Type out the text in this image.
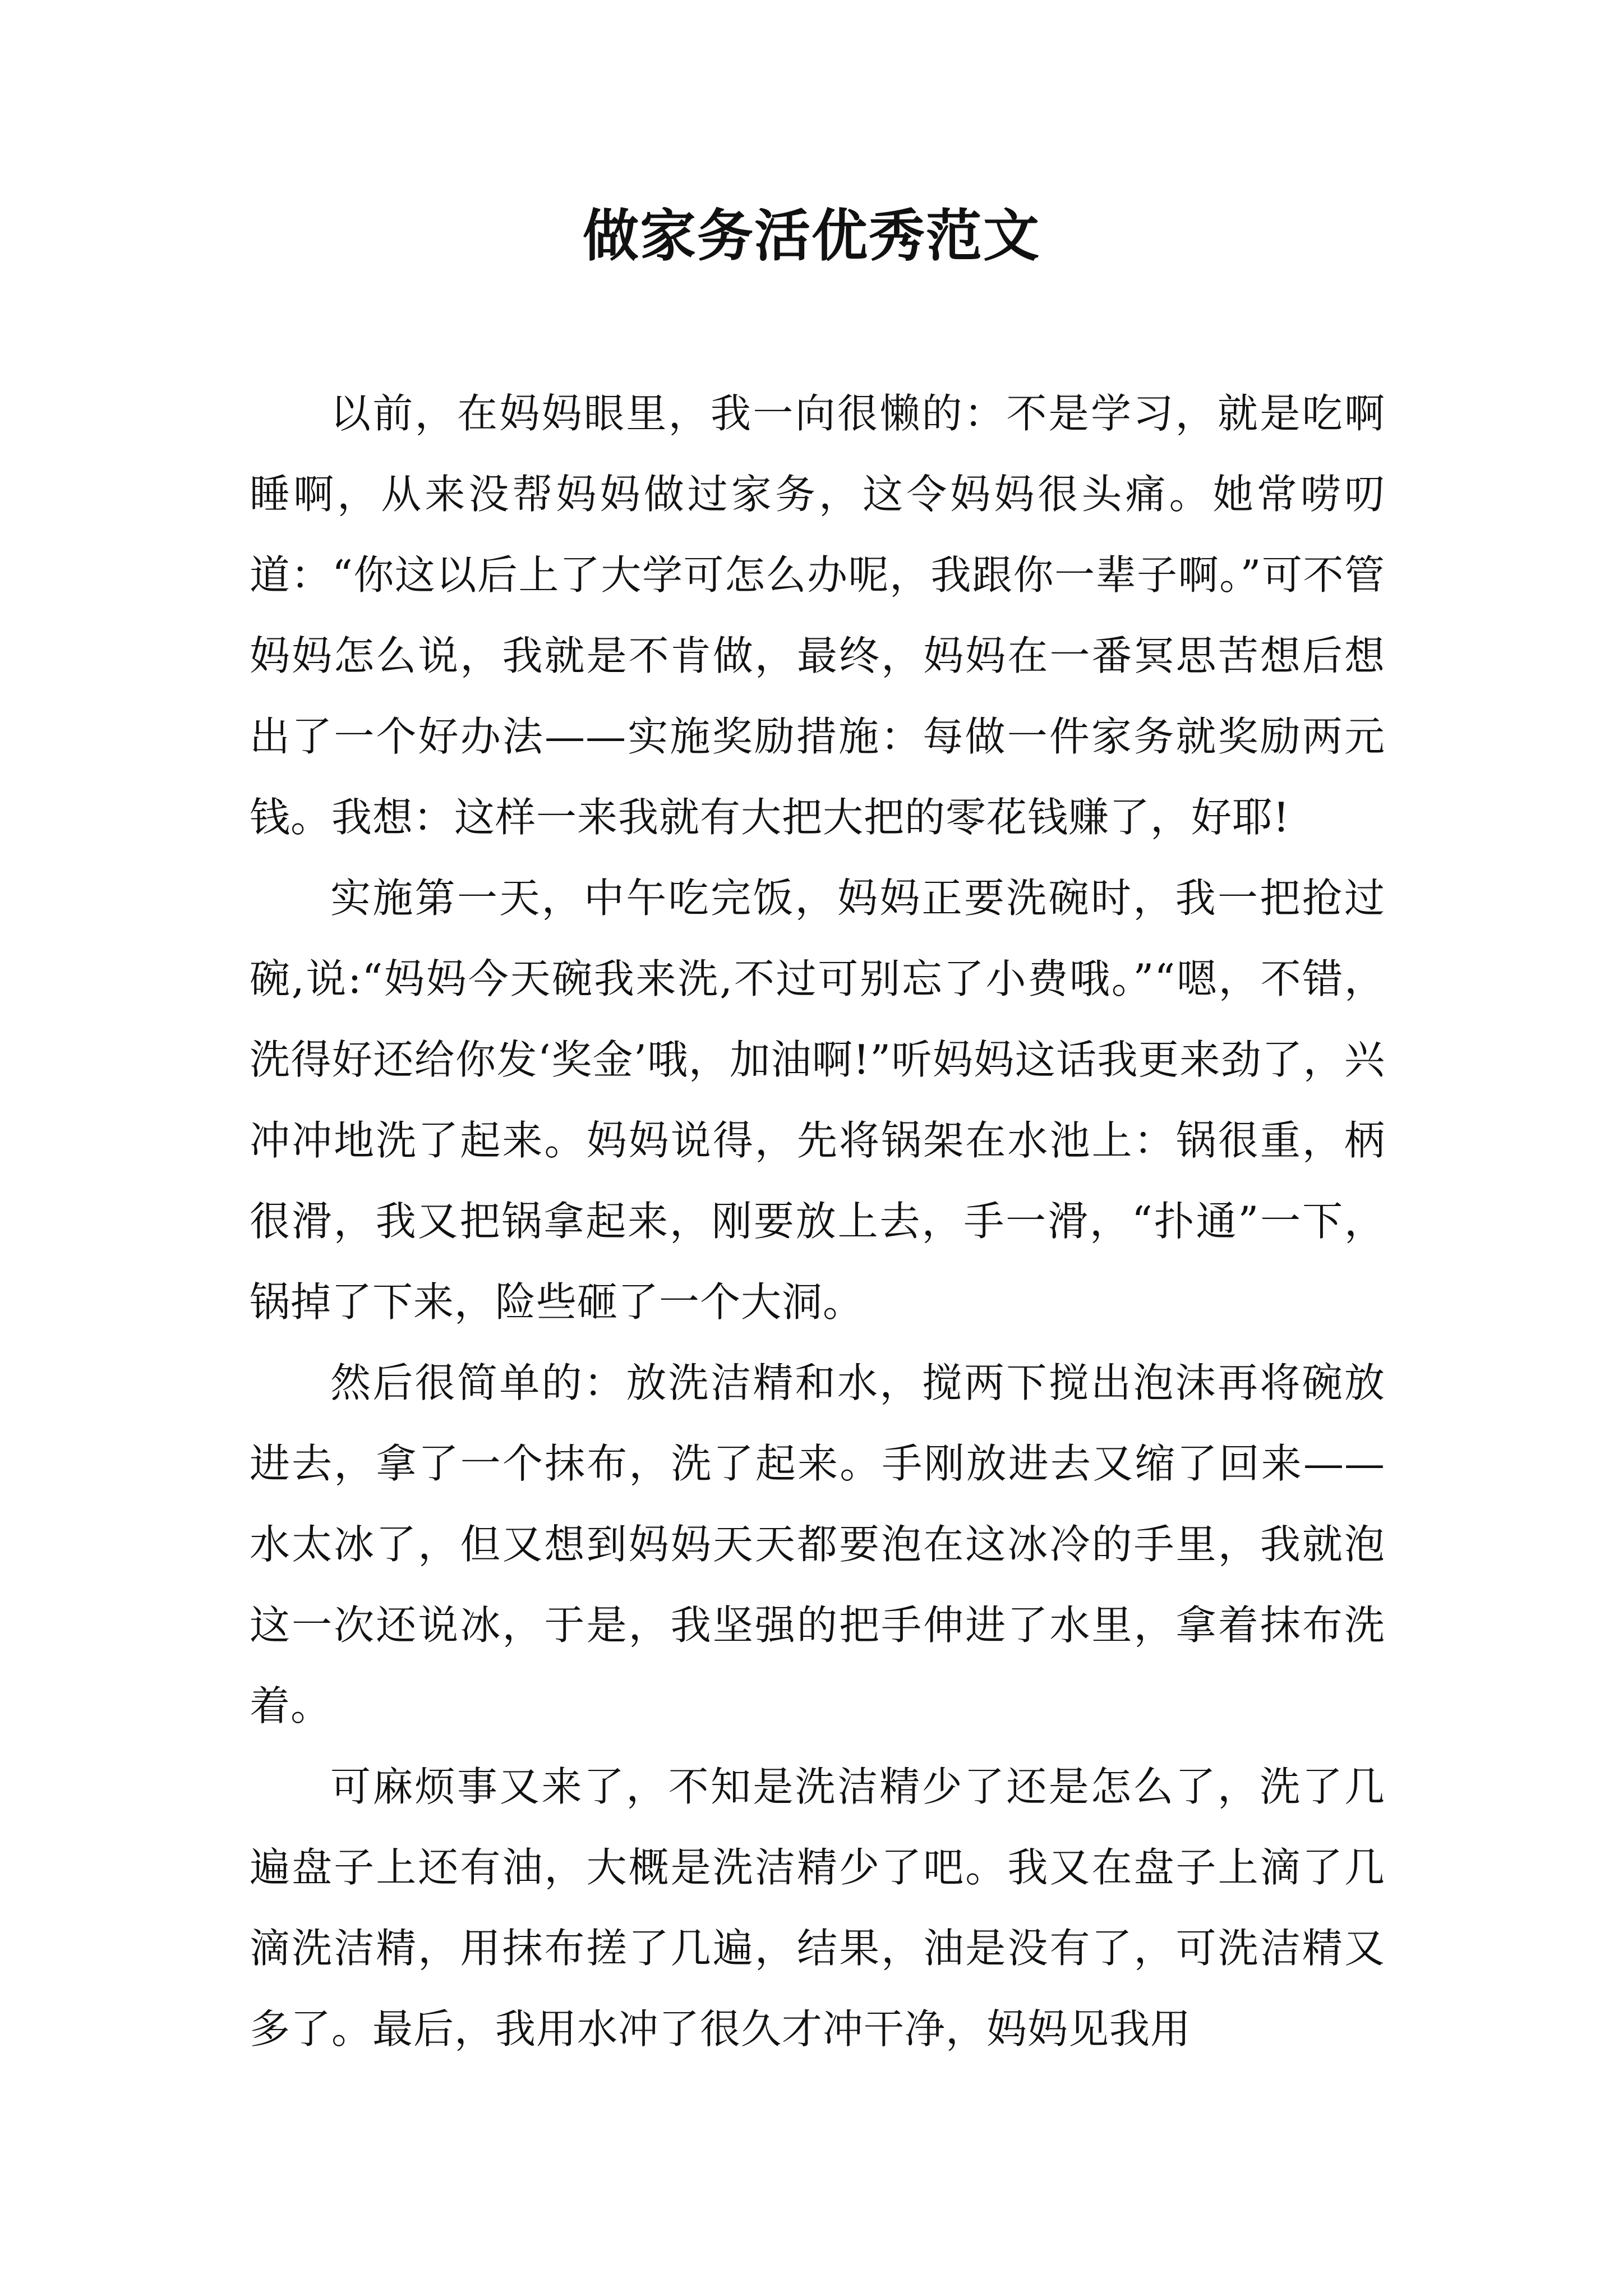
做家务活优秀范文

以前，在妈妈眼里，我一向很懒的：不是学习，就是吃啊睡啊，从来没帮妈妈做过家务，这令妈妈很头痛。她常唠叨道：“你这以后上了大学可怎么办呢，我跟你一辈子啊。”可不管妈妈怎么说，我就是不肯做，最终，妈妈在一番冥思苦想后想出了一个好办法——实施奖励措施：每做一件家务就奖励两元钱。我想：这样一来我就有大把大把的零花钱赚了，好耶!

实施第一天，中午吃完饭，妈妈正要洗碗时，我一把抢过碗,说:“妈妈今天碗我来洗,不过可别忘了小费哦。”“嗯，不错，洗得好还给你发‘奖金’哦，加油啊!”听妈妈这话我更来劲了，兴冲冲地洗了起来。妈妈说得，先将锅架在水池上：锅很重，柄很滑，我又把锅拿起来，刚要放上去，手一滑，“扑通”一下，锅掉了下来，险些砸了一个大洞。

然后很简单的：放洗洁精和水，搅两下搅出泡沫再将碗放进去，拿了一个抹布，洗了起来。手刚放进去又缩了回来——水太冰了，但又想到妈妈天天都要泡在这冰冷的手里，我就泡这一次还说冰，于是，我坚强的把手伸进了水里，拿着抹布洗着。

可麻烦事又来了，不知是洗洁精少了还是怎么了，洗了几遍盘子上还有油，大概是洗洁精少了吧。我又在盘子上滴了几滴洗洁精，用抹布搓了几遍，结果，油是没有了，可洗洁精又多了。最后，我用水冲了很久才冲干净，妈妈见我用
